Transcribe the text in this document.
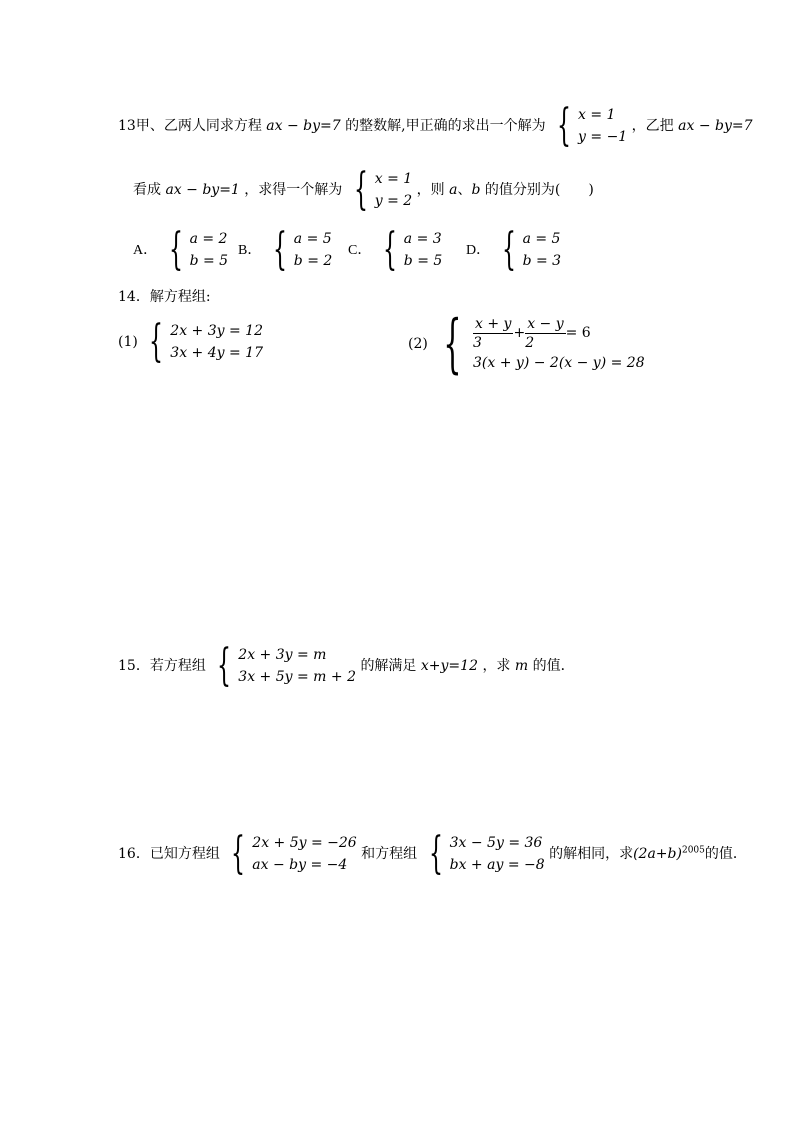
13甲、乙两人同求方程 ax − by=7 的整数解,甲正确的求出一个解为 { x = 1
y = −1
，乙把 ax − by=7
看成 ax − by=1 ，求得一个解为 { x = 1
y = 2
，则 a、b 的值分别为(　　)
A． { a = 2
b = 5
B． { a = 5
b = 2
C． { a = 3
b = 5
D． { a = 5
b = 3
14．解方程组:
(1) { 2x + 3y = 12
3x + 4y = 17
(2) { $\frac{x + y}{3} + \frac{x - y}{2} = 6$
3(x + y) − 2(x − y) = 28
15．若方程组 { 2x + 3y = m
3x + 5y = m + 2
的解满足 x+y=12 ，求 m 的值．
16．已知方程组 { 2x + 5y = −26
ax − by = −4
和方程组 { 3x − 5y = 36
bx + ay = −8
的解相同，求$(2a+b)^{2005}$的值．
